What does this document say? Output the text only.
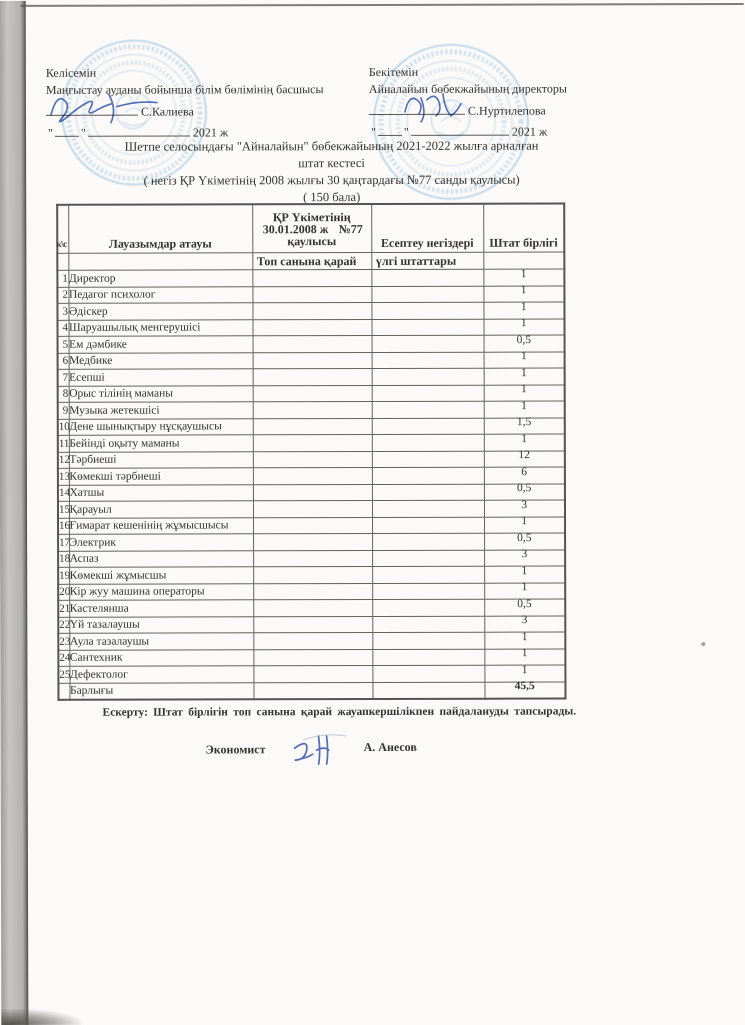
Келісемін
Маңғыстау ауданы бойынша білім бөлімінің басшысы
С.Калиева
" "	2021 ж
Бекітемін
Айналайын бөбекжайының директоры
С.Нуртилепова
" "	2021 ж
Шетпе селосындағы "Айналайын" бөбекжайының 2021-2022 жылға арналған
штат кестесі
( негіз ҚР Үкіметінің 2008 жылғы 30 қаңтардағы №77 санды қаулысы)
( 150 бала)
к\с	Лауазымдар атауы	ҚР Үкіметінің
30.01.2008 ж №77
қаулысы	Есептеу негіздері	Штат бірлігі
		Топ санына қарай	үлгі штаттары	
1	Директор			1
2	Педагог психолог			1
3	Әдіскер			1
4	Шаруашылық менгерушісі			1
5	Ем дәмбике			0,5
6	Медбике			1
7	Есепші			1
8	Орыс тілінің маманы			1
9	Музыка жетекшісі			1
10	Дене шынықтыру нұсқаушысы			1,5
11	Бейінді оқыту маманы			1
12	Тәрбиеші			12
13	Көмекші тәрбиеші			6
14	Хатшы			0,5
15	Қарауыл			3
16	Ғимарат кешенінің жұмысшысы			1
17	Электрик			0,5
18	Аспаз			3
19	Көмекші жұмысшы			1
20	Кір жуу машина операторы			1
21	Кастелянша			0,5
22	Үй тазалаушы			3
23	Аула тазалаушы			1
24	Сантехник			1
25	Дефектолог			1
	Барлығы			45,5
Ескерту: Штат бірлігін топ санына қарай жауапкершілікпен пайдалануды тапсырады.
Экономист	А. Анесов
